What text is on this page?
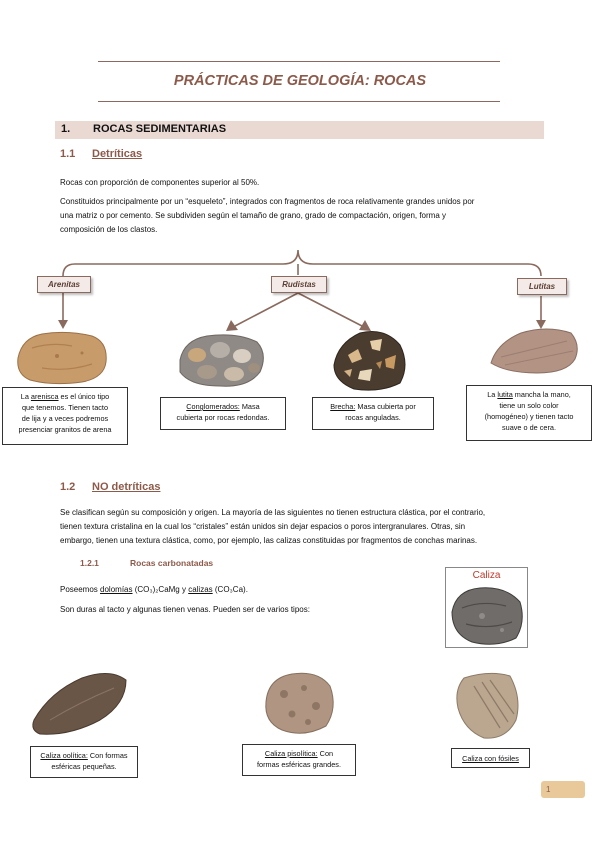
PRÁCTICAS DE GEOLOGÍA: ROCAS
1. ROCAS SEDIMENTARIAS
1.1 Detríticas
Rocas con proporción de componentes superior al 50%.
Constituidos principalmente por un “esqueleto”, integrados con fragmentos de roca relativamente grandes unidos por
una matriz o por cemento. Se subdividen según el tamaño de grano, grado de compactación, origen, forma y
composición de los clastos.
Arenitas	Rudistas	Lutitas
La arenisca es el único tipo
que tenemos. Tienen tacto
de lija y a veces podremos
presenciar granitos de arena
Conglomerados: Masa
cubierta por rocas redondas.
Brecha: Masa cubierta por
rocas anguladas.
La lutita mancha la mano,
tiene un solo color
(homogéneo) y tienen tacto
suave o de cera.
1.2 NO detríticas
Se clasifican según su composición y origen. La mayoría de las siguientes no tienen estructura clástica, por el contrario,
tienen textura cristalina en la cual los “cristales” están unidos sin dejar espacios o poros intergranulares. Otras, sin
embargo, tienen una textura clástica, como, por ejemplo, las calizas constituidas por fragmentos de conchas marinas.
1.2.1	Rocas carbonatadas
Poseemos dolomías (CO₃)₂CaMg y calizas (CO₃Ca).
Son duras al tacto y algunas tienen venas. Pueden ser de varios tipos:
Caliza
Caliza oolítica: Con formas
esféricas pequeñas.
Caliza pisolítica: Con
formas esféricas grandes.
Caliza con fósiles
1
